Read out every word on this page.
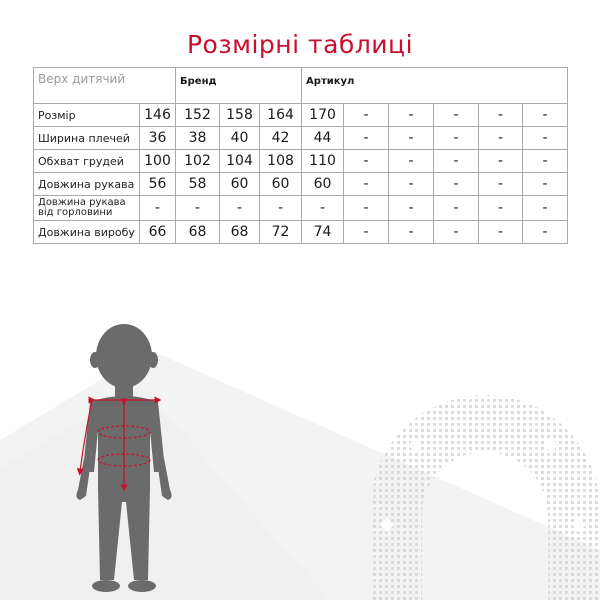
Розмірні таблиці
Верх дитячий		Бренд			Артикул					
Розмір	146	152	158	164	170	-	-	-	-	-
Ширина плечей	36	38	40	42	44	-	-	-	-	-
Обхват грудей	100	102	104	108	110	-	-	-	-	-
Довжина рукава	56	58	60	60	60	-	-	-	-	-
Довжина рукава
від горловини	-	-	-	-	-	-	-	-	-	-
Довжина виробу	66	68	68	72	74	-	-	-	-	-
